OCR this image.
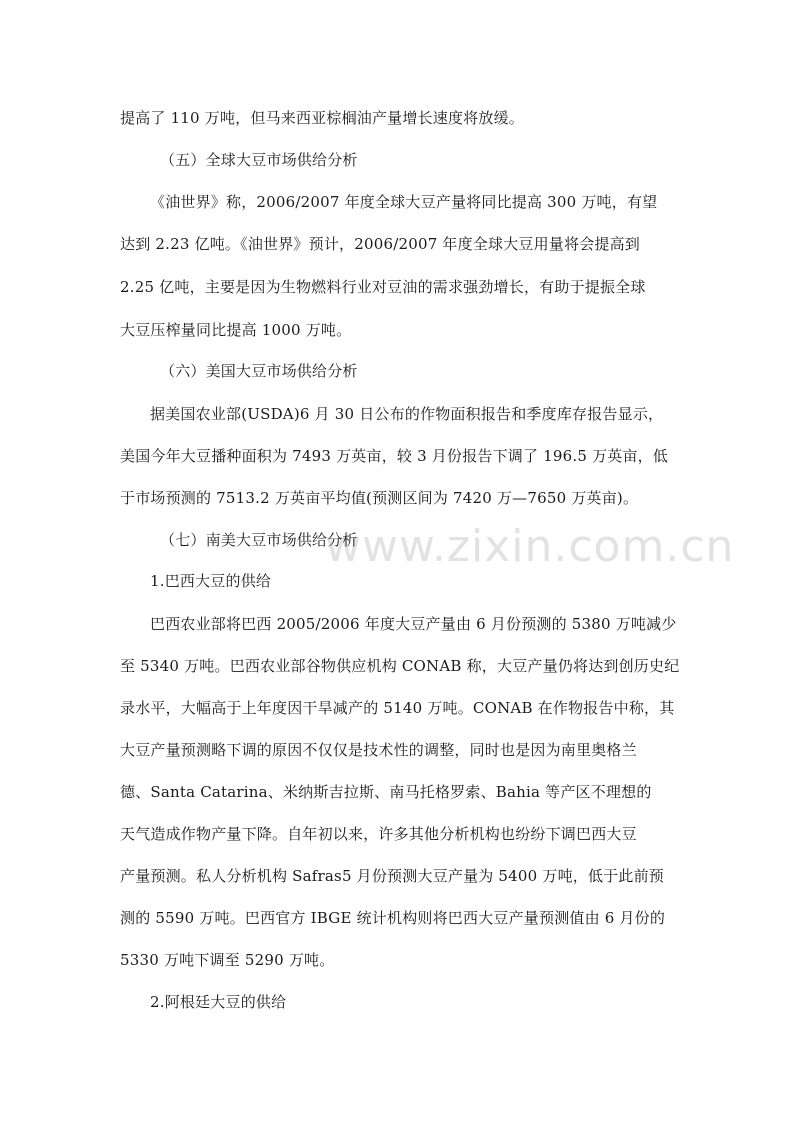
www.zixin.com.cn
提高了 110 万吨，但马来西亚棕榈油产量增长速度将放缓。
（五）全球大豆市场供给分析
《油世界》称，2006/2007 年度全球大豆产量将同比提高 300 万吨，有望
达到 2.23 亿吨。《油世界》预计，2006/2007 年度全球大豆用量将会提高到
2.25 亿吨，主要是因为生物燃料行业对豆油的需求强劲增长，有助于提振全球
大豆压榨量同比提高 1000 万吨。
（六）美国大豆市场供给分析
据美国农业部(USDA)6 月 30 日公布的作物面积报告和季度库存报告显示，
美国今年大豆播种面积为 7493 万英亩，较 3 月份报告下调了 196.5 万英亩，低
于市场预测的 7513.2 万英亩平均值(预测区间为 7420 万—7650 万英亩)。
（七）南美大豆市场供给分析
1.巴西大豆的供给
巴西农业部将巴西 2005/2006 年度大豆产量由 6 月份预测的 5380 万吨减少
至 5340 万吨。巴西农业部谷物供应机构 CONAB 称，大豆产量仍将达到创历史纪
录水平，大幅高于上年度因干旱减产的 5140 万吨。CONAB 在作物报告中称，其
大豆产量预测略下调的原因不仅仅是技术性的调整，同时也是因为南里奥格兰
德、Santa Catarina、米纳斯吉拉斯、南马托格罗索、Bahia 等产区不理想的
天气造成作物产量下降。自年初以来，许多其他分析机构也纷纷下调巴西大豆
产量预测。私人分析机构 Safras5 月份预测大豆产量为 5400 万吨，低于此前预
测的 5590 万吨。巴西官方 IBGE 统计机构则将巴西大豆产量预测值由 6 月份的
5330 万吨下调至 5290 万吨。
2.阿根廷大豆的供给
